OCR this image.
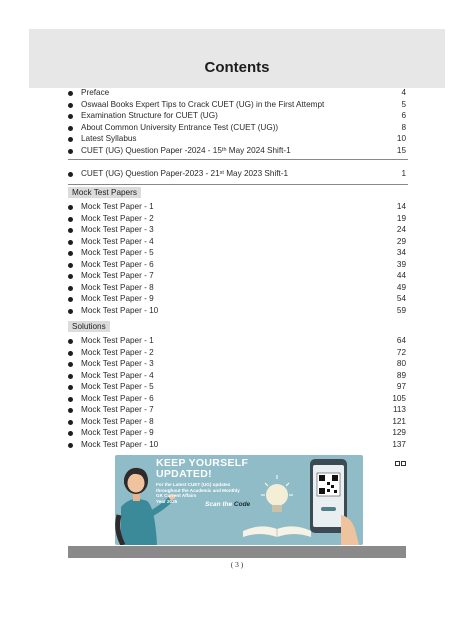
Contents
Preface	4
Oswaal Books Expert Tips to Crack CUET (UG) in the First Attempt	5
Examination Structure for CUET (UG)	6
About Common University Entrance Test (CUET (UG))	8
Latest Syllabus	10
CUET (UG) Question Paper -2024 - 15th May 2024 Shift-1	15
CUET (UG) Question Paper-2023 - 21st May 2023 Shift-1	1
Mock Test Papers
Mock Test Paper - 1	14
Mock Test Paper - 2	19
Mock Test Paper - 3	24
Mock Test Paper - 4	29
Mock Test Paper - 5	34
Mock Test Paper - 6	39
Mock Test Paper - 7	44
Mock Test Paper - 8	49
Mock Test Paper - 9	54
Mock Test Paper - 10	59
Solutions
Mock Test Paper - 1	64
Mock Test Paper - 2	72
Mock Test Paper - 3	80
Mock Test Paper - 4	89
Mock Test Paper - 5	97
Mock Test Paper - 6	105
Mock Test Paper - 7	113
Mock Test Paper - 8	121
Mock Test Paper - 9	129
Mock Test Paper - 10	137
KEEP YOURSELF
UPDATED!
For the Latest CUET (UG) updates
throughout the Academic and Monthly
GK Current Affairs
Year 2025	Scan the Code
( 3 )
